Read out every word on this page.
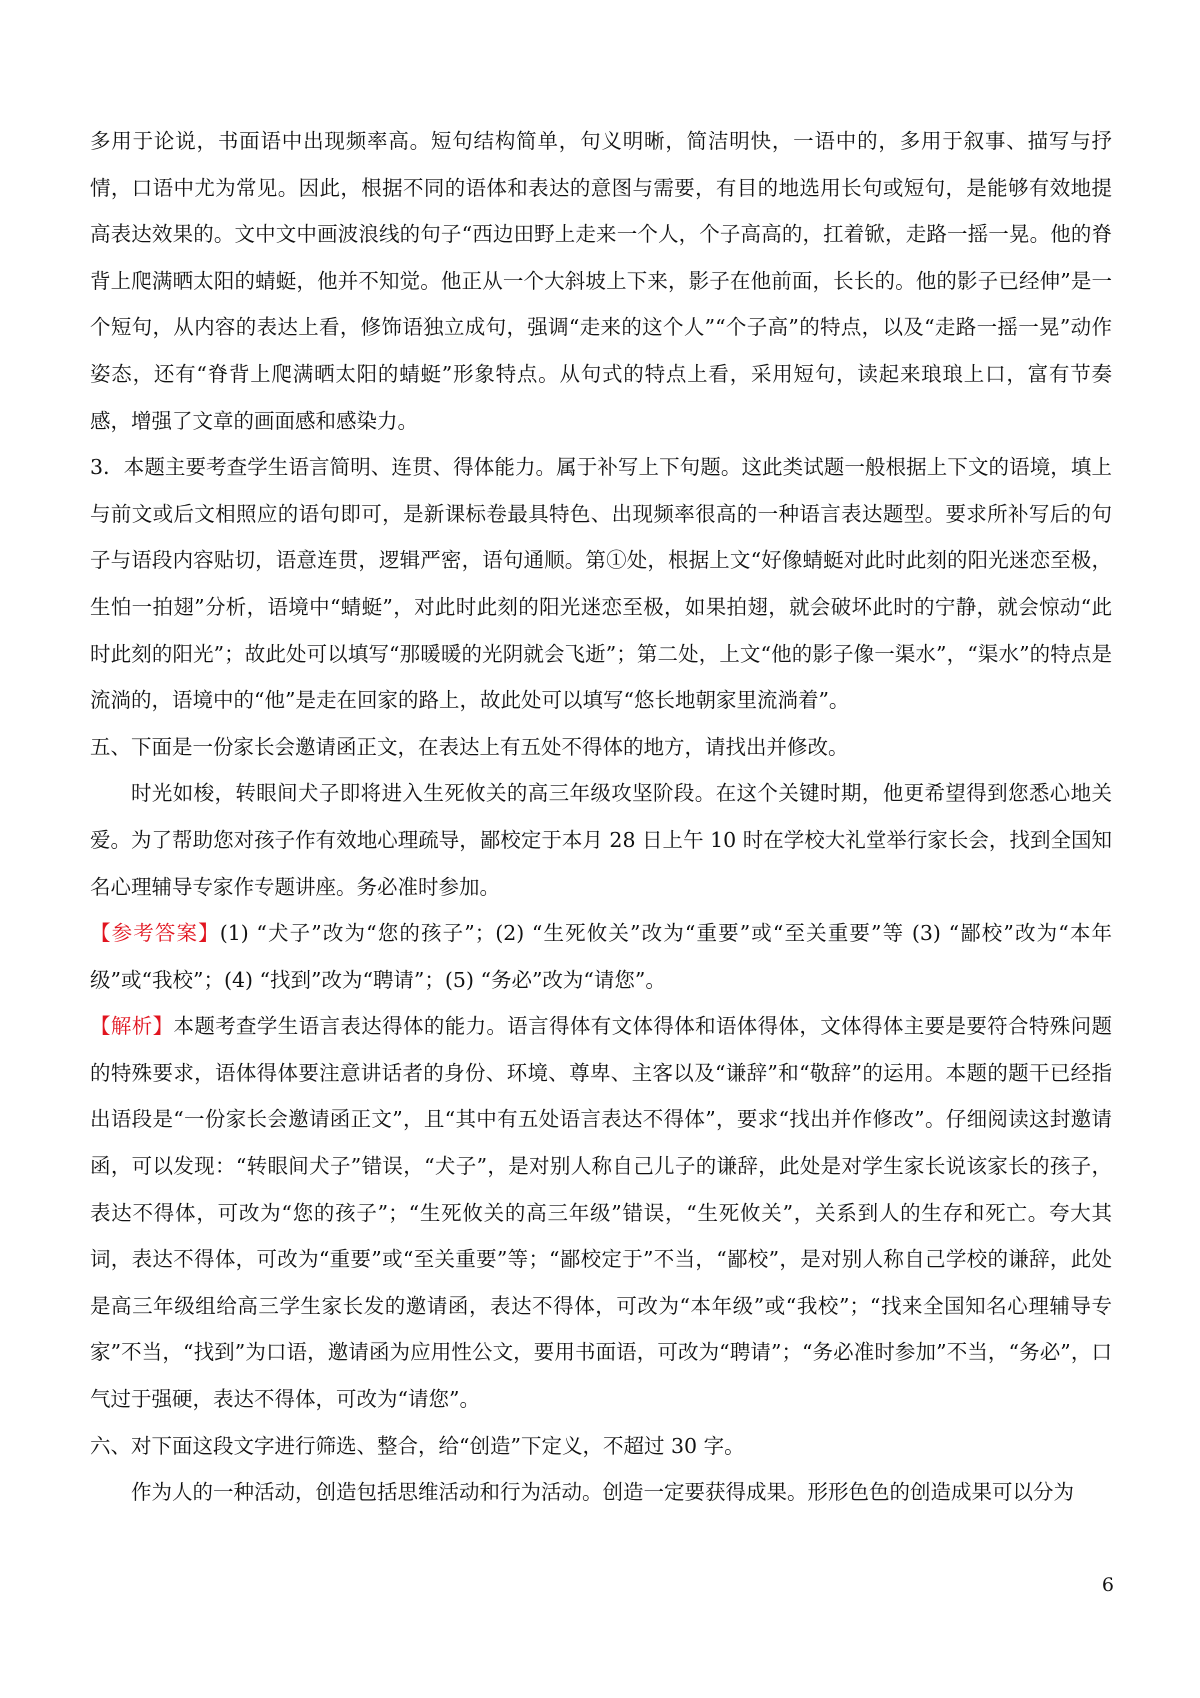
多用于论说，书面语中出现频率高。短句结构简单，句义明晰，简洁明快，一语中的，多用于叙事、描写与抒情，口语中尤为常见。因此，根据不同的语体和表达的意图与需要，有目的地选用长句或短句，是能够有效地提高表达效果的。文中文中画波浪线的句子“西边田野上走来一个人，个子高高的，扛着锨，走路一摇一晃。他的脊背上爬满晒太阳的蜻蜓，他并不知觉。他正从一个大斜坡上下来，影子在他前面，长长的。他的影子已经伸”是一个短句，从内容的表达上看，修饰语独立成句，强调“走来的这个人”“个子高”的特点，以及“走路一摇一晃”动作姿态，还有“脊背上爬满晒太阳的蜻蜓”形象特点。从句式的特点上看，采用短句，读起来琅琅上口，富有节奏感，增强了文章的画面感和感染力。

3．本题主要考查学生语言简明、连贯、得体能力。属于补写上下句题。这此类试题一般根据上下文的语境，填上与前文或后文相照应的语句即可，是新课标卷最具特色、出现频率很高的一种语言表达题型。要求所补写后的句子与语段内容贴切，语意连贯，逻辑严密，语句通顺。第①处，根据上文“好像蜻蜓对此时此刻的阳光迷恋至极，生怕一拍翅”分析，语境中“蜻蜓”，对此时此刻的阳光迷恋至极，如果拍翅，就会破坏此时的宁静，就会惊动“此时此刻的阳光”；故此处可以填写“那暖暖的光阴就会飞逝”；第二处，上文“他的影子像一渠水”，“渠水”的特点是流淌的，语境中的“他”是走在回家的路上，故此处可以填写“悠长地朝家里流淌着”。

五、下面是一份家长会邀请函正文，在表达上有五处不得体的地方，请找出并修改。

时光如梭，转眼间犬子即将进入生死攸关的高三年级攻坚阶段。在这个关键时期，他更希望得到您悉心地关爱。为了帮助您对孩子作有效地心理疏导，鄙校定于本月 28 日上午 10 时在学校大礼堂举行家长会，找到全国知名心理辅导专家作专题讲座。务必准时参加。

【参考答案】(1) “犬子”改为“您的孩子”；(2) “生死攸关”改为“重要”或“至关重要”等 (3) “鄙校”改为“本年级”或“我校”；(4) “找到”改为“聘请”；(5) “务必”改为“请您”。

【解析】本题考查学生语言表达得体的能力。语言得体有文体得体和语体得体，文体得体主要是要符合特殊问题的特殊要求，语体得体要注意讲话者的身份、环境、尊卑、主客以及“谦辞”和“敬辞”的运用。本题的题干已经指出语段是“一份家长会邀请函正文”，且“其中有五处语言表达不得体”，要求“找出并作修改”。仔细阅读这封邀请函，可以发现：“转眼间犬子”错误，“犬子”，是对别人称自己儿子的谦辞，此处是对学生家长说该家长的孩子，表达不得体，可改为“您的孩子”；“生死攸关的高三年级”错误，“生死攸关”，关系到人的生存和死亡。夸大其词，表达不得体，可改为“重要”或“至关重要”等；“鄙校定于”不当，“鄙校”，是对别人称自己学校的谦辞，此处是高三年级组给高三学生家长发的邀请函，表达不得体，可改为“本年级”或“我校”；“找来全国知名心理辅导专家”不当，“找到”为口语，邀请函为应用性公文，要用书面语，可改为“聘请”；“务必准时参加”不当，“务必”，口气过于强硬，表达不得体，可改为“请您”。

六、对下面这段文字进行筛选、整合，给“创造”下定义，不超过 30 字。

作为人的一种活动，创造包括思维活动和行为活动。创造一定要获得成果。形形色色的创造成果可以分为

6
